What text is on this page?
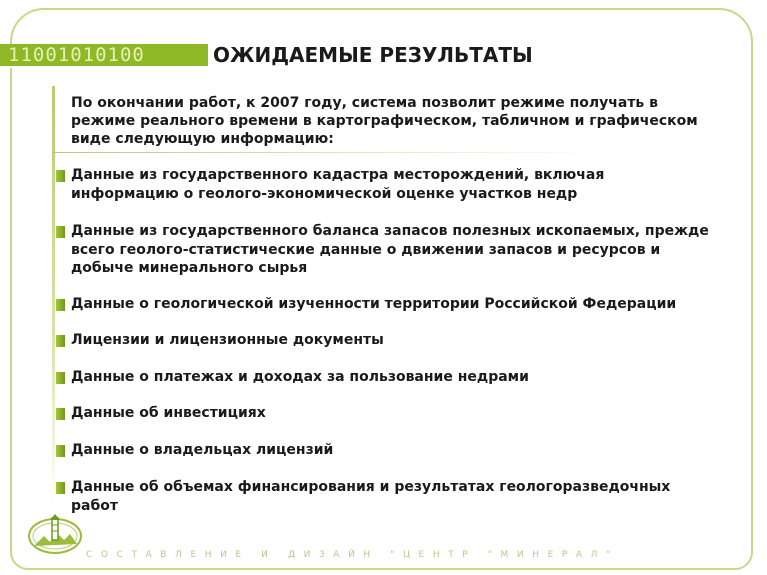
11001010100	ОЖИДАЕМЫЕ РЕЗУЛЬТАТЫ

По окончании работ, к 2007 году, система позволит режиме получать в режиме реального времени в картографическом, табличном и графическом виде следующую информацию:

Данные из государственного кадастра месторождений, включая информацию о геолого-экономической оценке участков недр

Данные из государственного баланса запасов полезных ископаемых, прежде всего геолого-статистические данные о движении запасов и ресурсов и добыче минерального сырья

Данные о геологической изученности территории Российской Федерации

Лицензии и лицензионные документы

Данные о платежах и доходах за пользование недрами

Данные об инвестициях

Данные о владельцах лицензий

Данные об объемах финансирования и результатах геологоразведочных работ

СОСТАВЛЕНИЕ И ДИЗАЙН "ЦЕНТР "МИНЕРАЛ"
